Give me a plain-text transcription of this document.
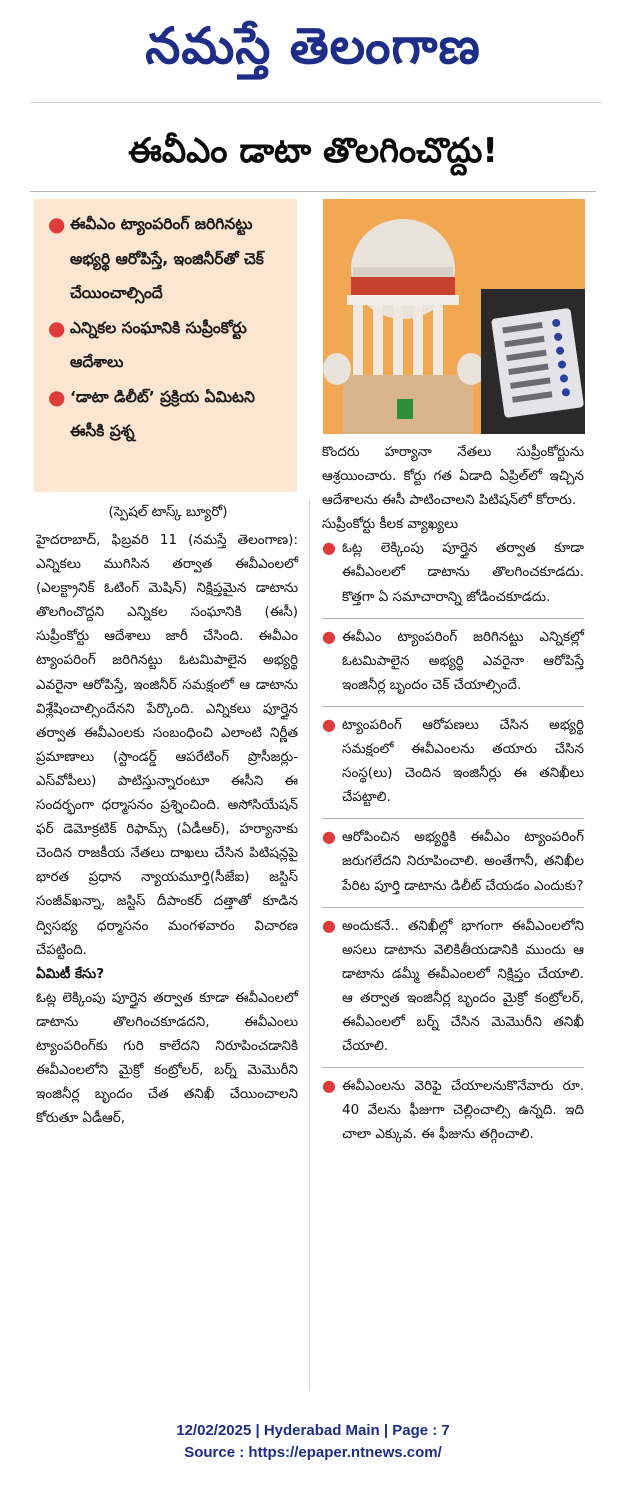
నమస్తే తెలంగాణ
ఈవీఎం డాటా తొలగించొద్దు!
● ఈవీఎం ట్యాంపరింగ్ జరిగినట్టు అభ్యర్థి ఆరోపిస్తే, ఇంజినీర్‌తో చెక్ చేయించాల్సిందే
● ఎన్నికల సంఘానికి సుప్రీంకోర్టు ఆదేశాలు
● ‘డాటా డిలీట్’ ప్రక్రియ ఏమిటని ఈసీకి ప్రశ్న
(స్పెషల్ టాస్క్ బ్యూరో)

హైదరాబాద్, ఫిబ్రవరి 11 (నమస్తే తెలంగాణ): ఎన్నికలు ముగిసిన తర్వాత ఈవీఎంలలో (ఎలక్ట్రానిక్ ఓటింగ్ మెషిన్) నిక్షిప్తమైన డాటాను తొలగించొద్దని ఎన్నికల సంఘానికి (ఈసీ) సుప్రీంకోర్టు ఆదేశాలు జారీ చేసింది. ఈవీఎం ట్యాంపరింగ్ జరిగినట్టు ఓటమిపాలైన అభ్యర్థి ఎవరైనా ఆరోపిస్తే, ఇంజినీర్ సమక్షంలో ఆ డాటాను విశ్లేషించాల్సిందేనని పేర్కొంది. ఎన్నికలు పూర్తైన తర్వాత ఈవీఎంలకు సంబంధించి ఎలాంటి నిర్ణీత ప్రమాణాలు (స్టాండర్డ్ ఆపరేటింగ్ ప్రొసీజర్లు-ఎస్‌వోపీలు) పాటిస్తున్నారంటూ ఈసీని ఈ సందర్భంగా ధర్మాసనం ప్రశ్నించింది. అసోసియేషన్ ఫర్ డెమోక్రటిక్ రిఫామ్స్ (ఏడీఆర్), హర్యానాకు చెందిన రాజకీయ నేతలు దాఖలు చేసిన పిటిషన్లపై భారత ప్రధాన న్యాయమూర్తి(సీజేఐ) జస్టిస్ సంజీవ్‌ఖన్నా, జస్టిస్ దీపాంకర్ దత్తాతో కూడిన ద్విసభ్య ధర్మాసనం మంగళవారం విచారణ చేపట్టింది.

ఏమిటీ కేసు?

ఓట్ల లెక్కింపు పూర్తైన తర్వాత కూడా ఈవీఎంలలో డాటాను తొలగించకూడదని, ఈవీఎంలు ట్యాంపరింగ్‌కు గురి కాలేదని నిరూపించడానికి ఈవీఎంలలోని మైక్రో కంట్రోలర్, బర్న్ మెమొరీని ఇంజినీర్ల బృందం చేత తనిఖీ చేయించాలని కోరుతూ ఏడీఆర్,

కొందరు హర్యానా నేతలు సుప్రీంకోర్టును ఆశ్రయించారు. కోర్టు గత ఏడాది ఏప్రిల్‌లో ఇచ్చిన ఆదేశాలను ఈసీ పాటించాలని పిటిషన్‌లో కోరారు.

సుప్రీంకోర్టు కీలక వ్యాఖ్యలు

● ఓట్ల లెక్కింపు పూర్తైన తర్వాత కూడా ఈవీఎంలలో డాటాను తొలగించకూడదు. కొత్తగా ఏ సమాచారాన్ని జోడించకూడదు.
● ఈవీఎం ట్యాంపరింగ్ జరిగినట్టు ఎన్నికల్లో ఓటమిపాలైన అభ్యర్థి ఎవరైనా ఆరోపిస్తే ఇంజినీర్ల బృందం చెక్ చేయాల్సిందే.
● ట్యాంపరింగ్ ఆరోపణలు చేసిన అభ్యర్థి సమక్షంలో ఈవీఎంలను తయారు చేసిన సంస్థ(లు) చెందిన ఇంజినీర్లు ఈ తనిఖీలు చేపట్టాలి.
● ఆరోపించిన అభ్యర్థికి ఈవీఎం ట్యాంపరింగ్ జరుగలేదని నిరూపించాలి. అంతేగానీ, తనిఖీల పేరిట పూర్తి డాటాను డిలీట్ చేయడం ఎందుకు?
● అందుకనే.. తనిఖీల్లో భాగంగా ఈవీఎంలలోని అసలు డాటాను వెలికితీయడానికి ముందు ఆ డాటాను డమ్మీ ఈవీఎంలలో నిక్షిప్తం చేయాలి. ఆ తర్వాత ఇంజినీర్ల బృందం మైక్రో కంట్రోలర్, ఈవీఎంలలో బర్న్ చేసిన మెమొరీని తనిఖీ చేయాలి.
● ఈవీఎంలను వెరిఫై చేయాలనుకొనేవారు రూ. 40 వేలను ఫీజుగా చెల్లించాల్సి ఉన్నది. ఇది చాలా ఎక్కువ. ఈ ఫీజును తగ్గించాలి.
12/02/2025 | Hyderabad Main | Page : 7
Source : https://epaper.ntnews.com/
